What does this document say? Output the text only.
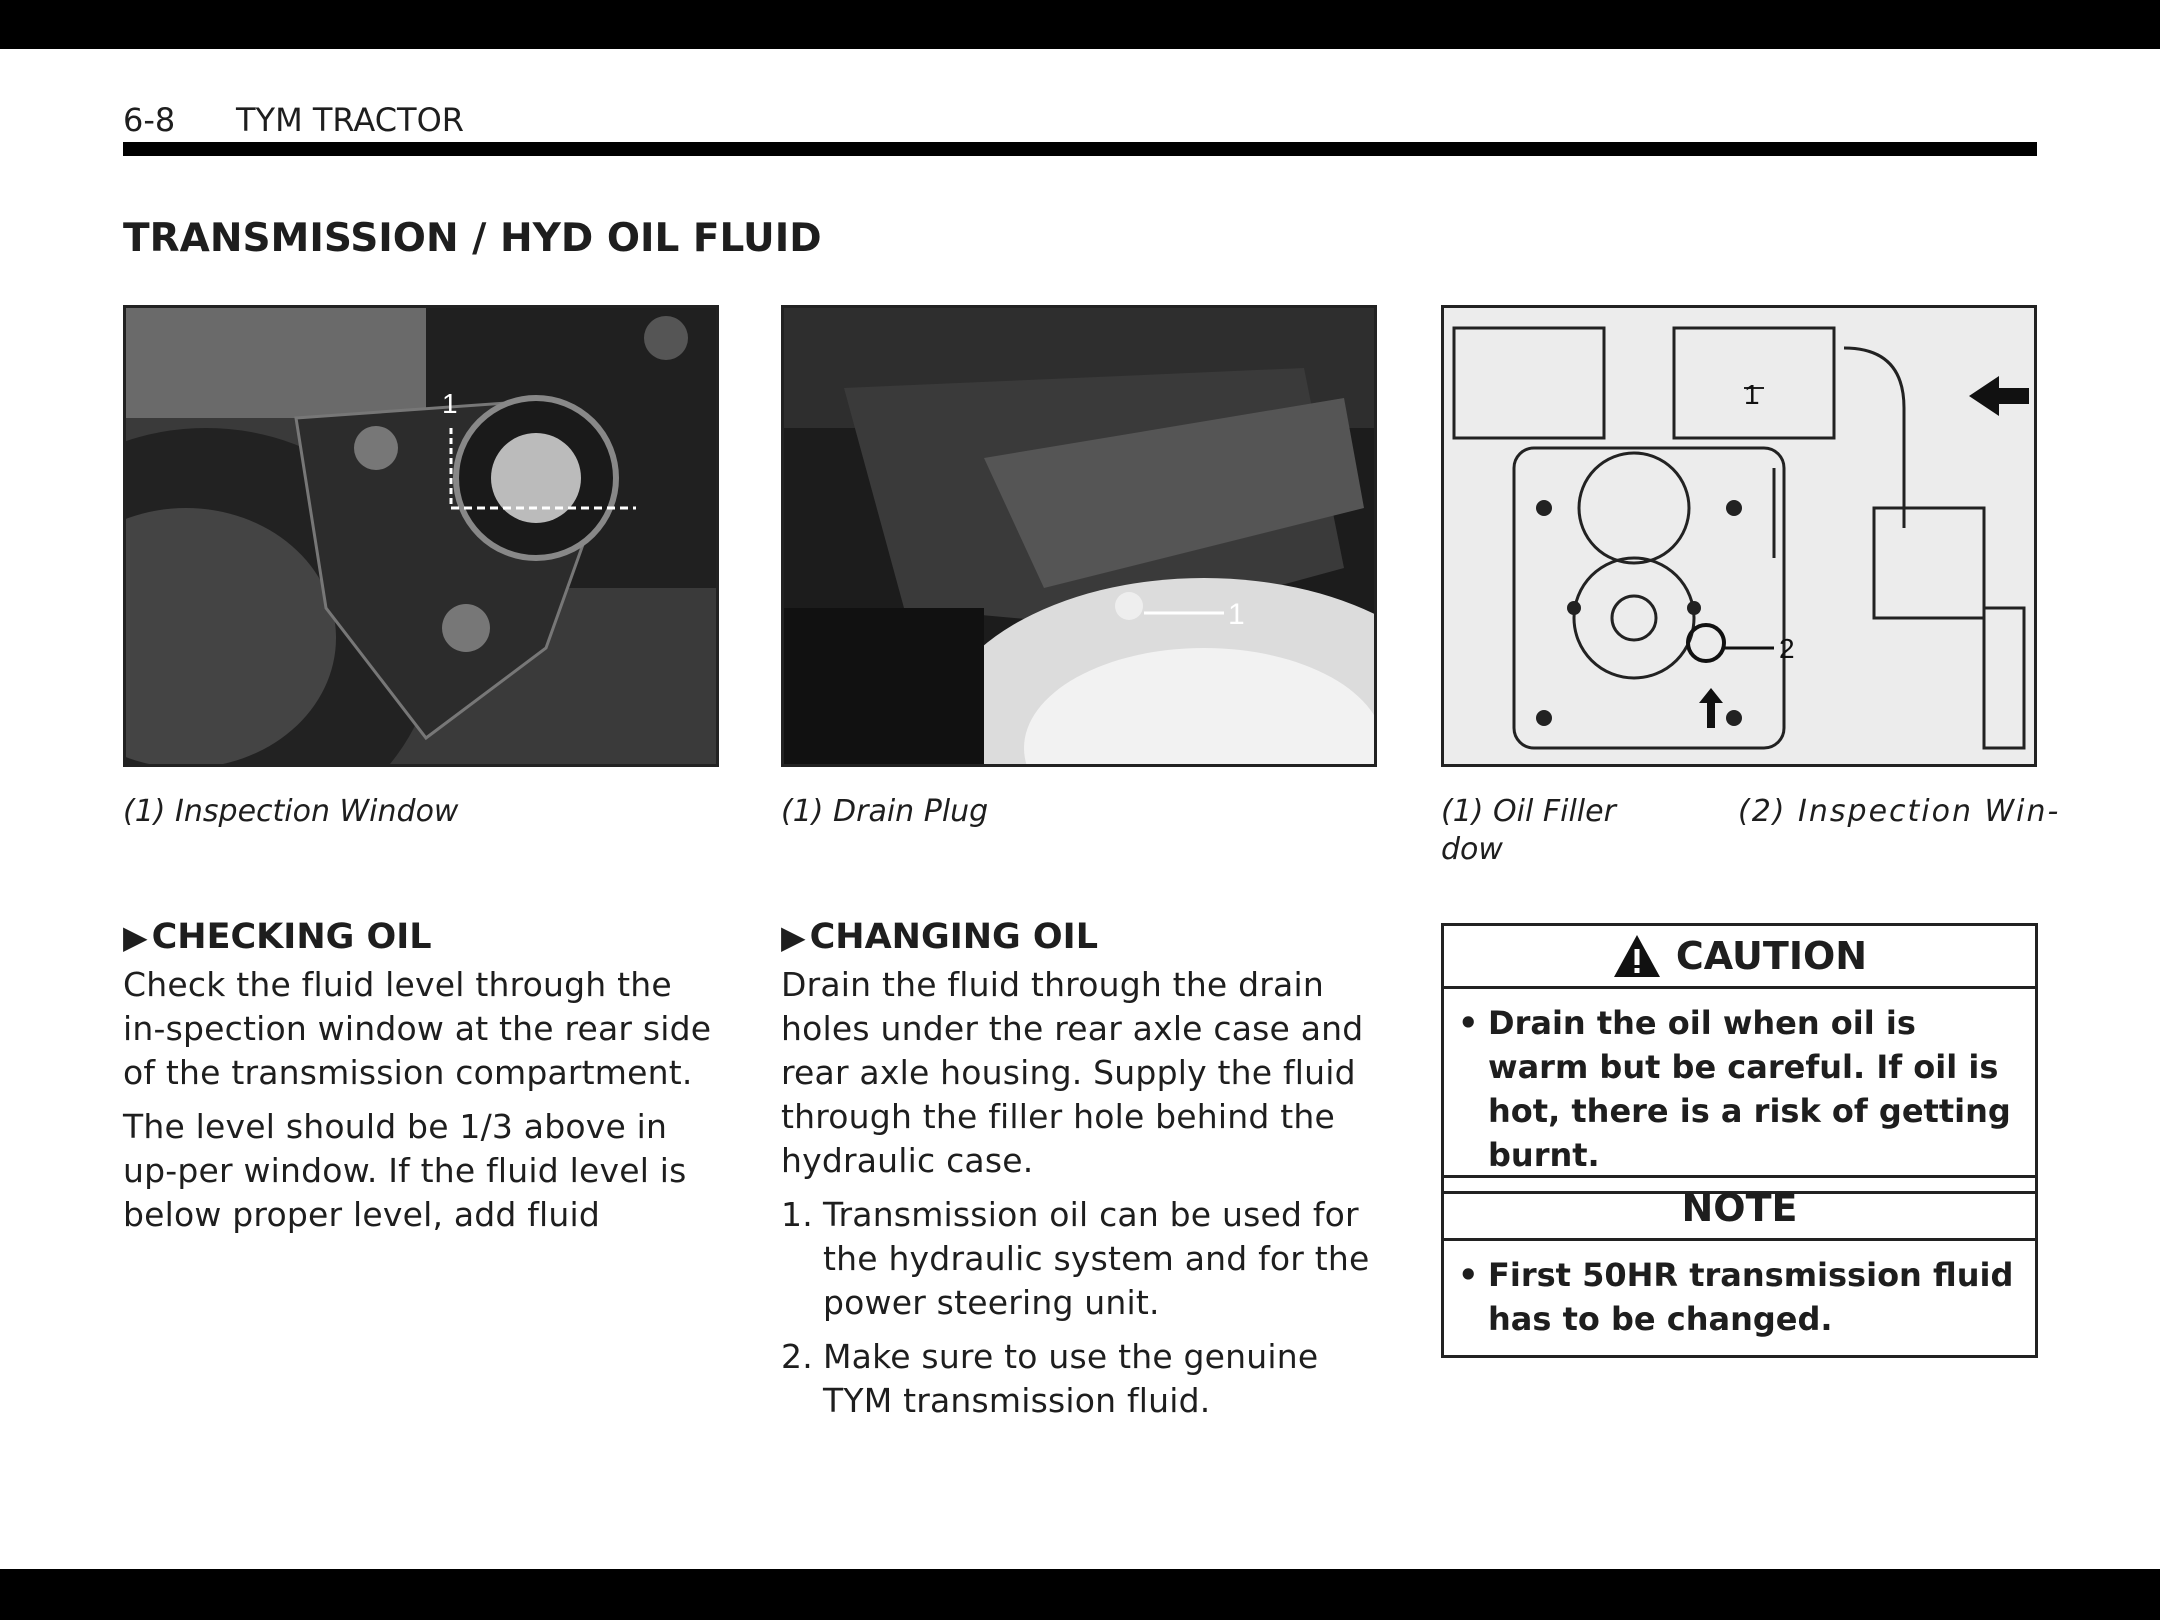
6-8 TYM TRACTOR
TRANSMISSION / HYD OIL FLUID
1
1
1
2
(1) Inspection Window	(1) Drain Plug	(1) Oil Filler	(2) Inspection Win-
dow
▶ CHECKING OIL

Check the fluid level through the in-spection window at the rear side of the transmission compartment.

The level should be 1/3 above in up-per window. If the fluid level is below proper level, add fluid

▶ CHANGING OIL

Drain the fluid through the drain holes under the rear axle case and rear axle housing. Supply the fluid through the filler hole behind the hydraulic case.

1. Transmission oil can be used for the hydraulic system and for the power steering unit.
2. Make sure to use the genuine TYM transmission fluid.
CAUTION
• Drain the oil when oil is warm but be careful. If oil is hot, there is a risk of getting burnt.
NOTE
• First 50HR transmission fluid has to be changed.
